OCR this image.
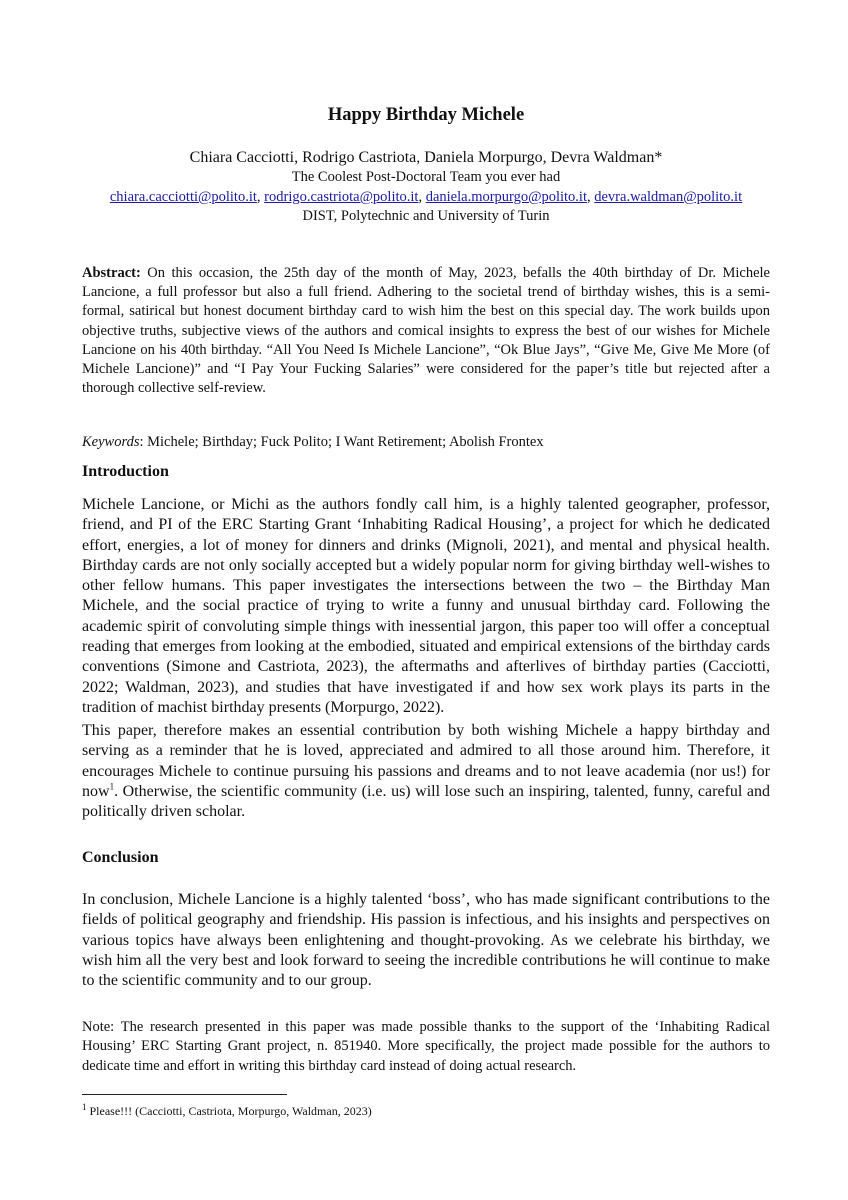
Happy Birthday Michele
Chiara Cacciotti, Rodrigo Castriota, Daniela Morpurgo, Devra Waldman*
The Coolest Post-Doctoral Team you ever had
chiara.cacciotti@polito.it, rodrigo.castriota@polito.it, daniela.morpurgo@polito.it, devra.waldman@polito.it
DIST, Polytechnic and University of Turin

Abstract: On this occasion, the 25th day of the month of May, 2023, befalls the 40th birthday of Dr. Michele Lancione, a full professor but also a full friend. Adhering to the societal trend of birthday wishes, this is a semi-formal, satirical but honest document birthday card to wish him the best on this special day. The work builds upon objective truths, subjective views of the authors and comical insights to express the best of our wishes for Michele Lancione on his 40th birthday. “All You Need Is Michele Lancione”, “Ok Blue Jays”, “Give Me, Give Me More (of Michele Lancione)” and “I Pay Your Fucking Salaries” were considered for the paper’s title but rejected after a thorough collective self-review.

Keywords: Michele; Birthday; Fuck Polito; I Want Retirement; Abolish Frontex

Introduction

Michele Lancione, or Michi as the authors fondly call him, is a highly talented geographer, professor, friend, and PI of the ERC Starting Grant ‘Inhabiting Radical Housing’, a project for which he dedicated effort, energies, a lot of money for dinners and drinks (Mignoli, 2021), and mental and physical health. Birthday cards are not only socially accepted but a widely popular norm for giving birthday well-wishes to other fellow humans. This paper investigates the intersections between the two – the Birthday Man Michele, and the social practice of trying to write a funny and unusual birthday card. Following the academic spirit of convoluting simple things with inessential jargon, this paper too will offer a conceptual reading that emerges from looking at the embodied, situated and empirical extensions of the birthday cards conventions (Simone and Castriota, 2023), the aftermaths and afterlives of birthday parties (Cacciotti, 2022; Waldman, 2023), and studies that have investigated if and how sex work plays its parts in the tradition of machist birthday presents (Morpurgo, 2022).

This paper, therefore makes an essential contribution by both wishing Michele a happy birthday and serving as a reminder that he is loved, appreciated and admired to all those around him. Therefore, it encourages Michele to continue pursuing his passions and dreams and to not leave academia (nor us!) for now$^1$. Otherwise, the scientific community (i.e. us) will lose such an inspiring, talented, funny, careful and politically driven scholar.

Conclusion

In conclusion, Michele Lancione is a highly talented ‘boss’, who has made significant contributions to the fields of political geography and friendship. His passion is infectious, and his insights and perspectives on various topics have always been enlightening and thought-provoking. As we celebrate his birthday, we wish him all the very best and look forward to seeing the incredible contributions he will continue to make to the scientific community and to our group.

Note: The research presented in this paper was made possible thanks to the support of the ‘Inhabiting Radical Housing’ ERC Starting Grant project, n. 851940. More specifically, the project made possible for the authors to dedicate time and effort in writing this birthday card instead of doing actual research.

$^1$ Please!!! (Cacciotti, Castriota, Morpurgo, Waldman, 2023)
